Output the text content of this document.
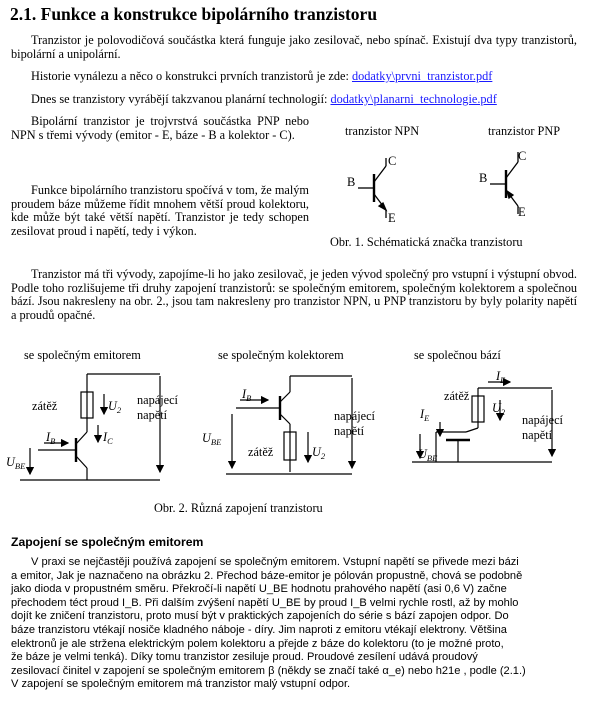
2.1. Funkce a konstrukce bipolárního tranzistoru
Tranzistor je polovodičová součástka která funguje jako zesilovač, nebo spínač. Existují dva typy tranzistorů, bipolární a unipolární.
Historie vynálezu a něco o konstrukci prvních tranzistorů je zde: dodatky\prvni_tranzistor.pdf
Dnes se tranzistory vyrábějí takzvanou planární technologií: dodatky\planarni_technologie.pdf
Bipolární tranzistor je trojvrstvá součástka PNP nebo NPN s třemi vývody (emitor - E, báze - B a kolektor - C).
Funkce bipolárního tranzistoru spočívá v tom, že malým proudem báze můžeme řídit mnohem větší proud kolektoru, kde může být také větší napětí. Tranzistor je tedy schopen zesilovat proud i napětí, tedy i výkon.
tranzistor NPN	tranzistor PNP
B
C
E
B
C
E
Obr. 1. Schématická značka tranzistoru
Tranzistor má tři vývody, zapojíme-li ho jako zesilovač, je jeden vývod společný pro vstupní i výstupní obvod. Podle toho rozlišujeme tři druhy zapojení tranzistorů: se společným emitorem, společným kolektorem a společnou bází. Jsou nakresleny na obr. 2., jsou tam nakresleny pro tranzistor NPN, u PNP tranzistoru by byly polarity napětí a proudů opačné.
se společným emitorem	se společným kolektorem	se společnou bází
zátěž	$U_2$
$I_C$
$I_B$
$U_{BE}$
napájecí
napětí
$I_B$
$U_{BE}$
zátěž	$U_2$
napájecí
napětí
$I_E$
zátěž
$U_2$
$I_E$
$U_{BE}$
napájecí
napětí
Obr. 2. Různá zapojení tranzistoru
Zapojení se společným emitorem
V praxi se nejčastěji používá zapojení se společným emitorem. Vstupní napětí se přivede mezi bázi
a emitor, Jak je naznačeno na obrázku 2. Přechod báze-emitor je pólován propustně, chová se podobně
jako dioda v propustném směru. Překročí-li napětí U_BE hodnotu prahového napětí (asi 0,6 V) začne
přechodem téct proud I_B. Při dalším zvýšení napětí U_BE by proud I_B velmi rychle rostl, až by mohlo
dojít ke zničení tranzistoru, proto musí být v praktických zapojeních do série s bází zapojen odpor. Do
báze tranzistoru vtékají nosiče kladného náboje - díry. Jim naproti z emitoru vtékají elektrony. Většina
elektronů je ale stržena elektrickým polem kolektoru a přejde z báze do kolektoru (to je možné proto,
že báze je velmi tenká). Díky tomu tranzistor zesiluje proud. Proudové zesílení udává proudový
zesilovací činitel v zapojení se společným emitorem β (někdy se značí také α_e) nebo h21e , podle (2.1.)
V zapojení se společným emitorem má tranzistor malý vstupní odpor.
